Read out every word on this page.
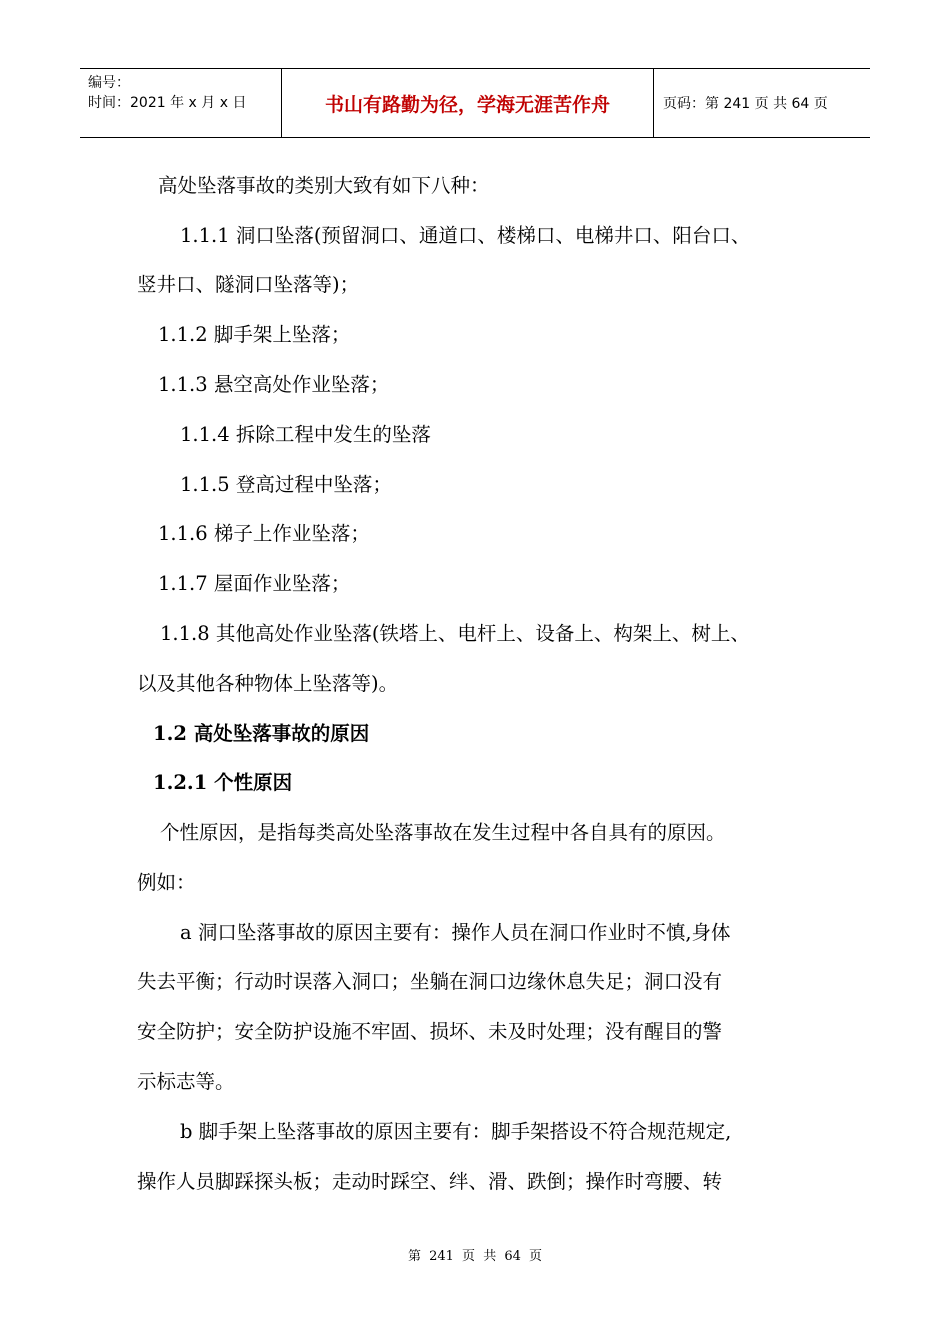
编号：
时间：2021 年 x 月 x 日	书山有路勤为径，学海无涯苦作舟	页码：第 241 页 共 64 页
高处坠落事故的类别大致有如下八种：
1.1.1 洞口坠落(预留洞口、通道口、楼梯口、电梯井口、阳台口、
竖井口、隧洞口坠落等)；
1.1.2 脚手架上坠落；
1.1.3 悬空高处作业坠落；
1.1.4 拆除工程中发生的坠落
1.1.5 登高过程中坠落；
1.1.6 梯子上作业坠落；
1.1.7 屋面作业坠落；
1.1.8 其他高处作业坠落(铁塔上、电杆上、设备上、构架上、树上、
以及其他各种物体上坠落等)。
1.2 高处坠落事故的原因
1.2.1 个性原因
个性原因，是指每类高处坠落事故在发生过程中各自具有的原因。
例如：
a 洞口坠落事故的原因主要有：操作人员在洞口作业时不慎,身体
失去平衡；行动时误落入洞口；坐躺在洞口边缘休息失足；洞口没有
安全防护；安全防护设施不牢固、损坏、未及时处理；没有醒目的警
示标志等。
b 脚手架上坠落事故的原因主要有：脚手架搭设不符合规范规定,
操作人员脚踩探头板；走动时踩空、绊、滑、跌倒；操作时弯腰、转
第 241 页 共 64 页
